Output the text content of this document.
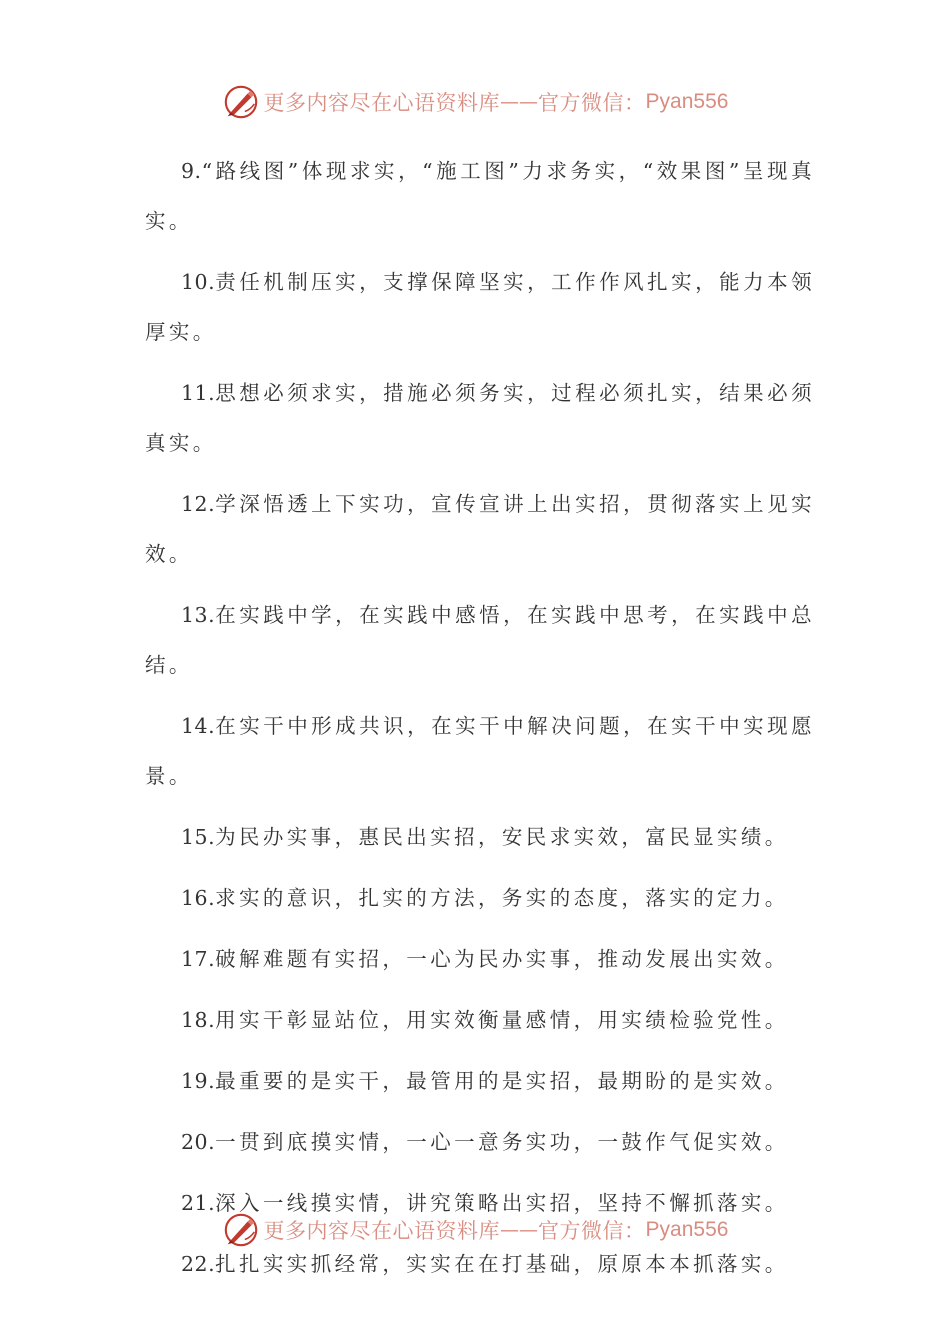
更多内容尽在心语资料库 —— 官方微信： Pyan556

9.“路线图”体现求实，“施工图”力求务实，“效果图”呈现真实。

10.责任机制压实，支撑保障坚实，工作作风扎实，能力本领厚实。

11.思想必须求实，措施必须务实，过程必须扎实，结果必须真实。

12.学深悟透上下实功，宣传宣讲上出实招，贯彻落实上见实效。

13.在实践中学，在实践中感悟，在实践中思考，在实践中总结。

14.在实干中形成共识，在实干中解决问题，在实干中实现愿景。

15.为民办实事，惠民出实招，安民求实效，富民显实绩。

16.求实的意识，扎实的方法，务实的态度，落实的定力。

17.破解难题有实招，一心为民办实事，推动发展出实效。

18.用实干彰显站位，用实效衡量感情，用实绩检验党性。

19.最重要的是实干，最管用的是实招，最期盼的是实效。

20.一贯到底摸实情，一心一意务实功，一鼓作气促实效。

21.深入一线摸实情，讲究策略出实招，坚持不懈抓落实。

22.扎扎实实抓经常，实实在在打基础，原原本本抓落实。

更多内容尽在心语资料库 —— 官方微信： Pyan556
